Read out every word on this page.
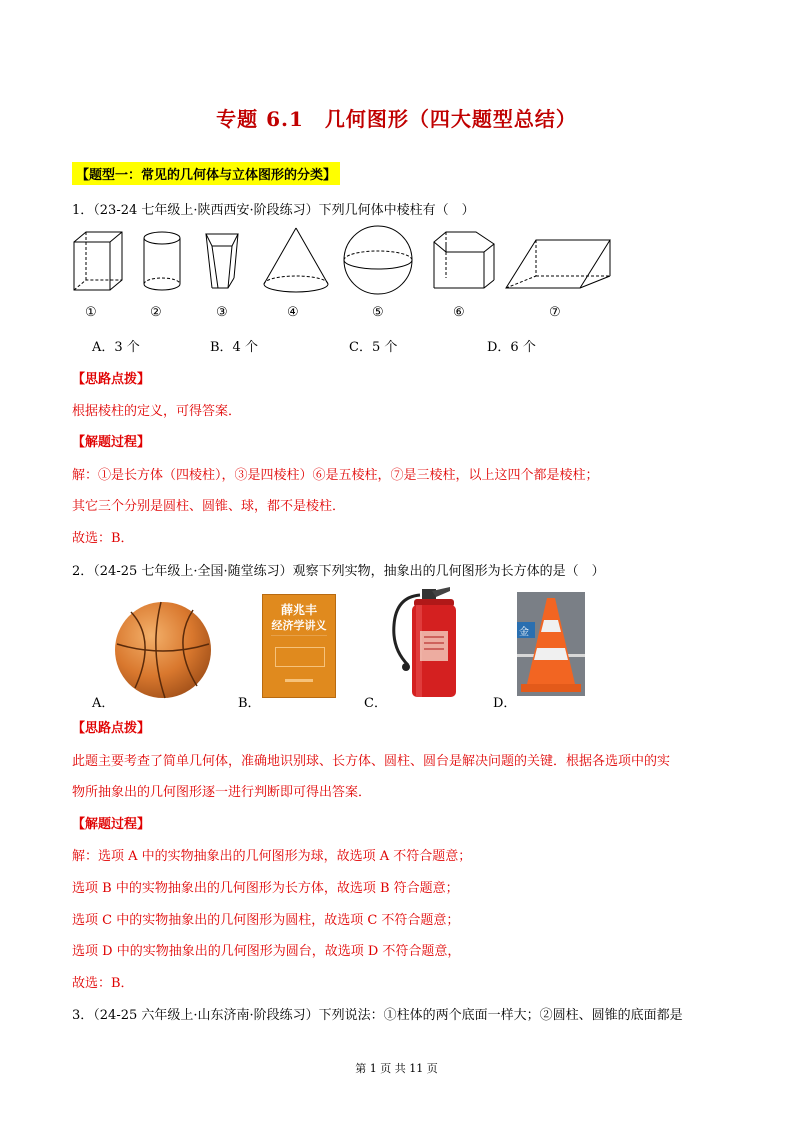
专题 6.1　几何图形（四大题型总结）
【题型一：常见的几何体与立体图形的分类】
1．（23-24 七年级上·陕西西安·阶段练习）下列几何体中棱柱有（　）
①	②	③	④	⑤	⑥	⑦
A．3 个	B．4 个	C．5 个	D．6 个
【思路点拨】
根据棱柱的定义，可得答案．
【解题过程】
解：①是长方体（四棱柱），③是四棱柱）⑥是五棱柱，⑦是三棱柱，以上这四个都是棱柱；
其它三个分别是圆柱、圆锥、球，都不是棱柱．
故选：B．
2．（24-25 七年级上·全国·随堂练习）观察下列实物，抽象出的几何图形为长方体的是（　）
A．	B．
薛兆丰
经济学讲义
C．	D．
金
【思路点拨】
此题主要考查了简单几何体，准确地识别球、长方体、圆柱、圆台是解决问题的关键．根据各选项中的实
物所抽象出的几何图形逐一进行判断即可得出答案．
【解题过程】
解：选项 A 中的实物抽象出的几何图形为球，故选项 A 不符合题意；
选项 B 中的实物抽象出的几何图形为长方体，故选项 B 符合题意；
选项 C 中的实物抽象出的几何图形为圆柱，故选项 C 不符合题意；
选项 D 中的实物抽象出的几何图形为圆台，故选项 D 不符合题意，
故选：B．
3．（24-25 六年级上·山东济南·阶段练习）下列说法：①柱体的两个底面一样大；②圆柱、圆锥的底面都是
第 1 页 共 11 页
